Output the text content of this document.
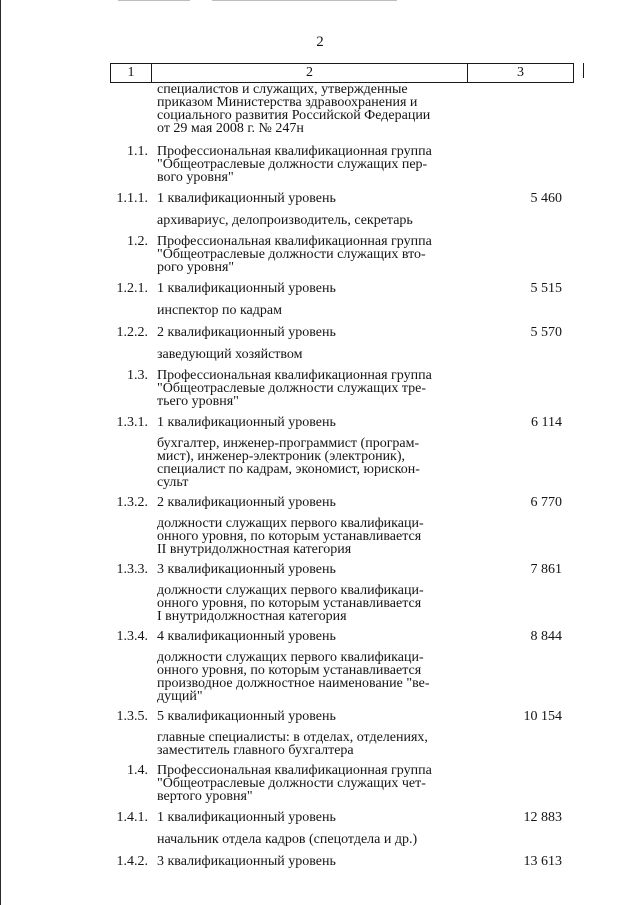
2
1	2	3
специалистов и служащих, утвержденные
приказом Министерства здравоохранения и
социального развития Российской Федерации
от 29 мая 2008 г. № 247н
1.1. Профессиональная квалификационная группа
"Общеотраслевые должности служащих пер-
вого уровня"
1.1.1. 1 квалификационный уровень	5 460
архивариус, делопроизводитель, секретарь
1.2. Профессиональная квалификационная группа
"Общеотраслевые должности служащих вто-
рого уровня"
1.2.1. 1 квалификационный уровень	5 515
инспектор по кадрам
1.2.2. 2 квалификационный уровень	5 570
заведующий хозяйством
1.3. Профессиональная квалификационная группа
"Общеотраслевые должности служащих тре-
тьего уровня"
1.3.1. 1 квалификационный уровень	6 114
бухгалтер, инженер-программист (програм-
мист), инженер-электроник (электроник),
специалист по кадрам, экономист, юрискон-
сульт
1.3.2. 2 квалификационный уровень	6 770
должности служащих первого квалификаци-
онного уровня, по которым устанавливается
II внутридолжностная категория
1.3.3. 3 квалификационный уровень	7 861
должности служащих первого квалификаци-
онного уровня, по которым устанавливается
I внутридолжностная категория
1.3.4. 4 квалификационный уровень	8 844
должности служащих первого квалификаци-
онного уровня, по которым устанавливается
производное должностное наименование "ве-
дущий"
1.3.5. 5 квалификационный уровень	10 154
главные специалисты: в отделах, отделениях,
заместитель главного бухгалтера
1.4. Профессиональная квалификационная группа
"Общеотраслевые должности служащих чет-
вертого уровня"
1.4.1. 1 квалификационный уровень	12 883
начальник отдела кадров (спецотдела и др.)
1.4.2. 3 квалификационный уровень	13 613
